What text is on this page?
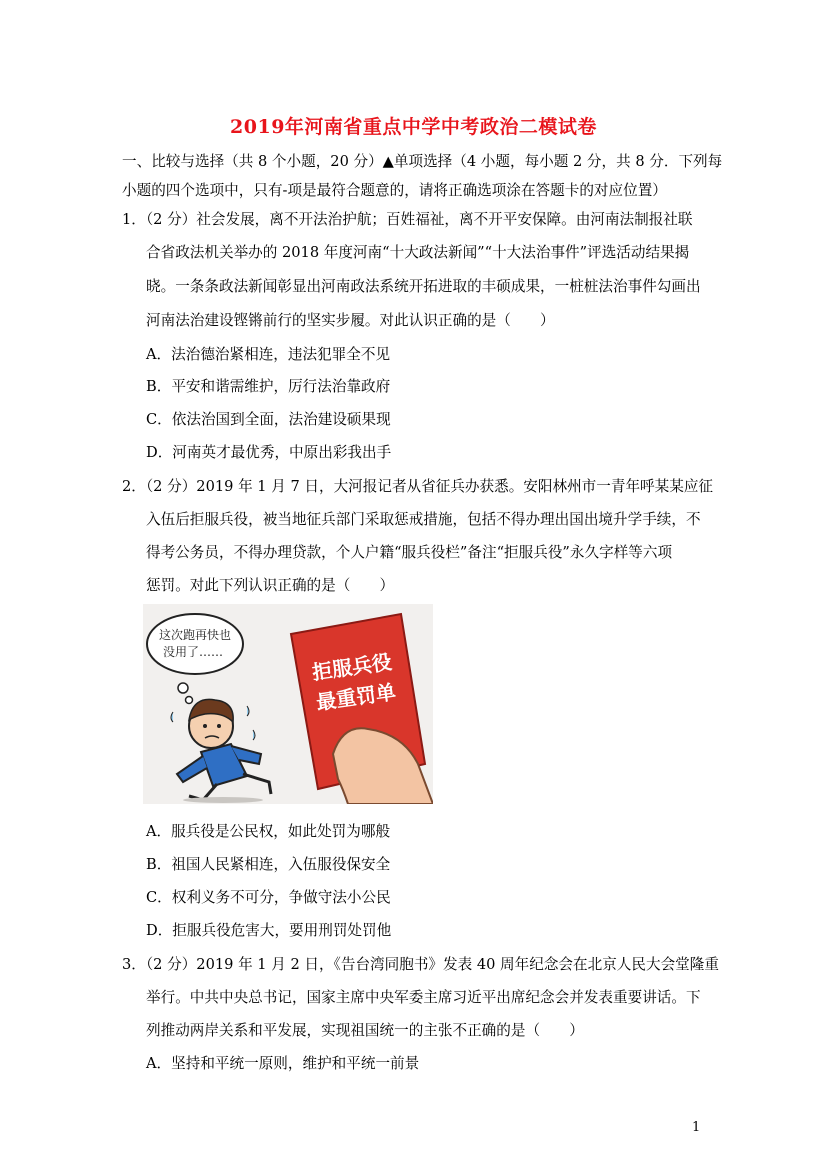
2019年河南省重点中学中考政治二模试卷
一、比较与选择（共 8 个小题，20 分）▲单项选择（4 小题，每小题 2 分，共 8 分．下列每
小题的四个选项中，只有-项是最符合题意的，请将正确选项涂在答题卡的对应位置）
1．（2 分）社会发展，离不开法治护航；百姓福祉，离不开平安保障。由河南法制报社联
合省政法机关举办的 2018 年度河南“十大政法新闻”“十大法治事件”评选活动结果揭
晓。一条条政法新闻彰显出河南政法系统开拓进取的丰硕成果，一桩桩法治事件勾画出
河南法治建设铿锵前行的坚实步履。对此认识正确的是（　　）
A．法治德治紧相连，违法犯罪全不见
B．平安和谐需维护，厉行法治靠政府
C．依法治国到全面，法治建设硕果现
D．河南英才最优秀，中原出彩我出手
2．（2 分）2019 年 1 月 7 日，大河报记者从省征兵办获悉。安阳林州市一青年呼某某应征
入伍后拒服兵役，被当地征兵部门采取惩戒措施，包括不得办理出国出境升学手续，不
得考公务员，不得办理贷款，个人户籍“服兵役栏”备注“拒服兵役”永久字样等六项
惩罚。对此下列认识正确的是（　　）
这次跑再快也
没用了……	拒服兵役
最重罚单
A．服兵役是公民权，如此处罚为哪般
B．祖国人民紧相连，入伍服役保安全
C．权利义务不可分，争做守法小公民
D．拒服兵役危害大，要用刑罚处罚他
3．（2 分）2019 年 1 月 2 日，《告台湾同胞书》发表 40 周年纪念会在北京人民大会堂隆重
举行。中共中央总书记，国家主席中央军委主席习近平出席纪念会并发表重要讲话。下
列推动两岸关系和平发展，实现祖国统一的主张不正确的是（　　）
A．坚持和平统一原则，维护和平统一前景
1
